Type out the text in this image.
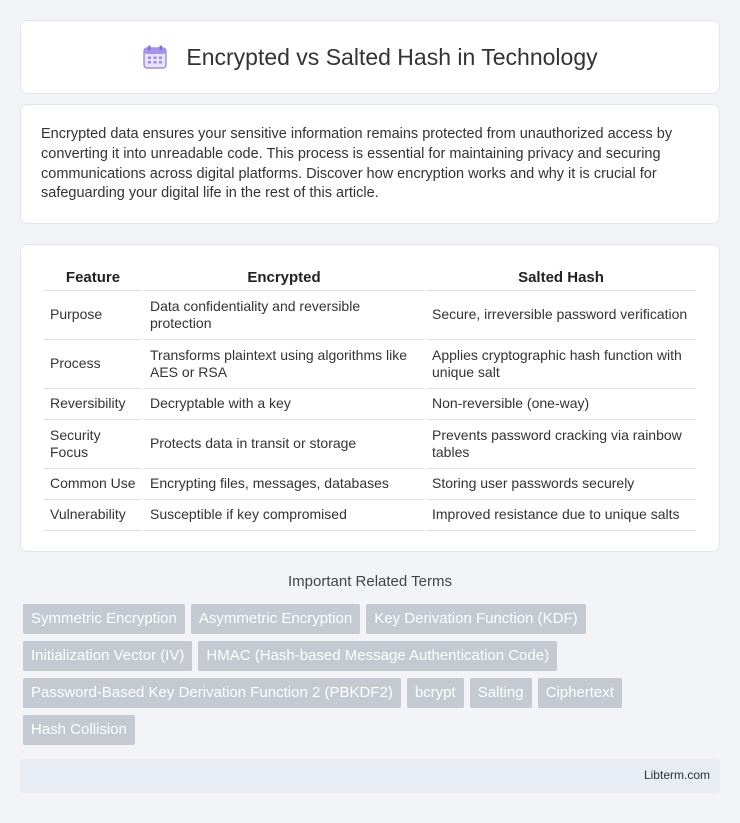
Encrypted vs Salted Hash in Technology

Encrypted data ensures your sensitive information remains protected from unauthorized access by converting it into unreadable code. This process is essential for maintaining privacy and securing communications across digital platforms. Discover how encryption works and why it is crucial for safeguarding your digital life in the rest of this article.

Feature	Encrypted	Salted Hash
Purpose	Data confidentiality and reversible protection	Secure, irreversible password verification
Process	Transforms plaintext using algorithms like AES or RSA	Applies cryptographic hash function with unique salt
Reversibility	Decryptable with a key	Non-reversible (one-way)
Security Focus	Protects data in transit or storage	Prevents password cracking via rainbow tables
Common Use	Encrypting files, messages, databases	Storing user passwords securely
Vulnerability	Susceptible if key compromised	Improved resistance due to unique salts
Important Related Terms
Symmetric Encryption	Asymmetric Encryption	Key Derivation Function (KDF)
Initialization Vector (IV)	HMAC (Hash-based Message Authentication Code)
Password-Based Key Derivation Function 2 (PBKDF2)	bcrypt	Salting	Ciphertext
Hash Collision
Libterm.com
